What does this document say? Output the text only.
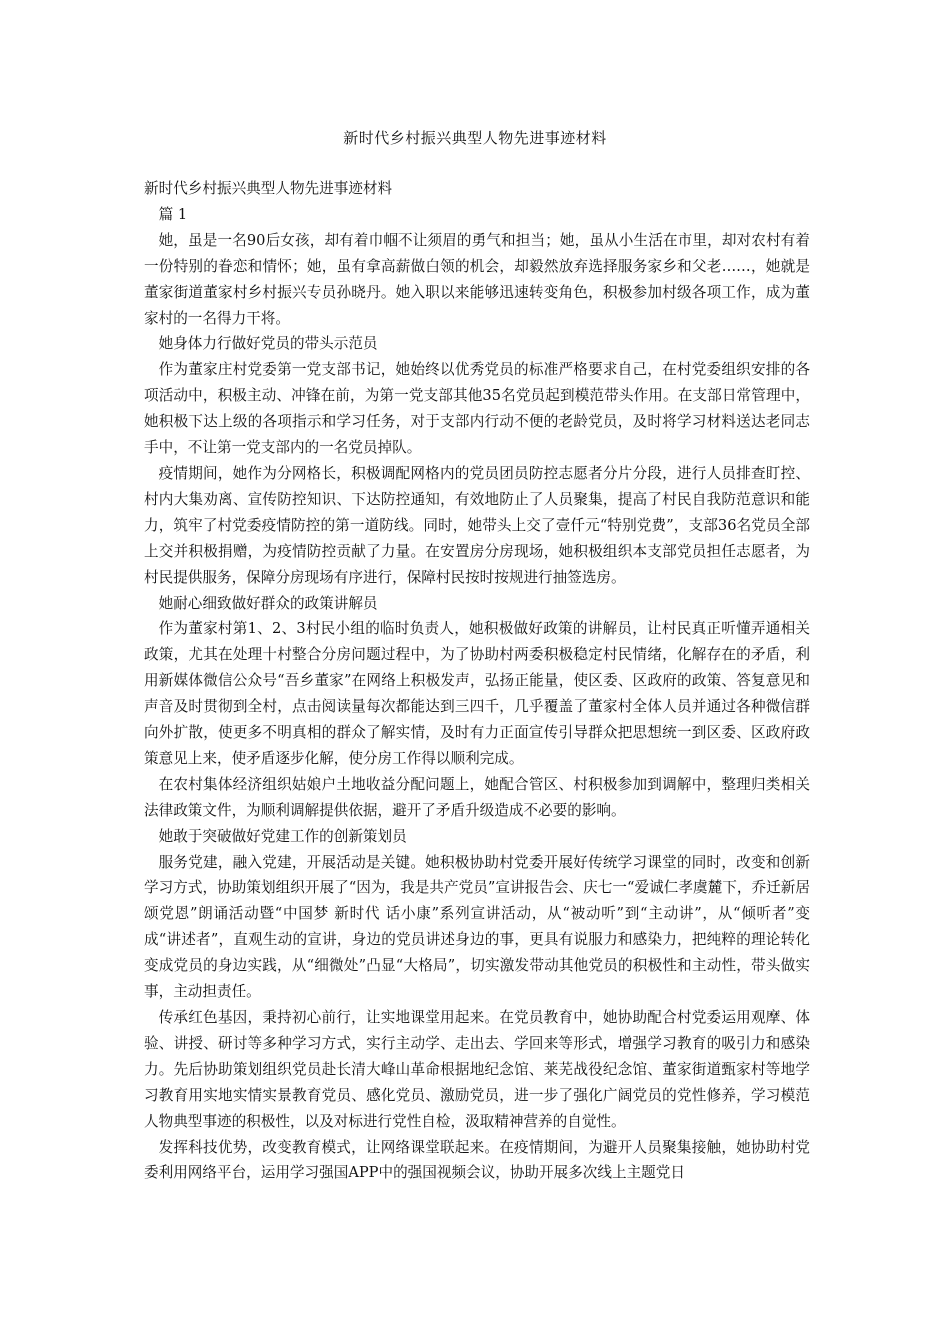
新时代乡村振兴典型人物先进事迹材料

新时代乡村振兴典型人物先进事迹材料

篇 1

她，虽是一名90后女孩，却有着巾帼不让须眉的勇气和担当；她，虽从小生活在市里，却对农村有着一份特别的眷恋和情怀；她，虽有拿高薪做白领的机会，却毅然放弃选择服务家乡和父老……，她就是董家街道董家村乡村振兴专员孙晓丹。她入职以来能够迅速转变角色，积极参加村级各项工作，成为董家村的一名得力干将。

她身体力行做好党员的带头示范员

作为董家庄村党委第一党支部书记，她始终以优秀党员的标准严格要求自己，在村党委组织安排的各项活动中，积极主动、冲锋在前，为第一党支部其他35名党员起到模范带头作用。在支部日常管理中，她积极下达上级的各项指示和学习任务，对于支部内行动不便的老龄党员，及时将学习材料送达老同志手中，不让第一党支部内的一名党员掉队。

疫情期间，她作为分网格长，积极调配网格内的党员团员防控志愿者分片分段，进行人员排查盯控、村内大集劝离、宣传防控知识、下达防控通知，有效地防止了人员聚集，提高了村民自我防范意识和能力，筑牢了村党委疫情防控的第一道防线。同时，她带头上交了壹仟元“特别党费”，支部36名党员全部上交并积极捐赠，为疫情防控贡献了力量。在安置房分房现场，她积极组织本支部党员担任志愿者，为村民提供服务，保障分房现场有序进行，保障村民按时按规进行抽签选房。

她耐心细致做好群众的政策讲解员

作为董家村第1、2、3村民小组的临时负责人，她积极做好政策的讲解员，让村民真正听懂弄通相关政策，尤其在处理十村整合分房问题过程中，为了协助村两委积极稳定村民情绪，化解存在的矛盾，利用新媒体微信公众号“吾乡董家”在网络上积极发声，弘扬正能量，使区委、区政府的政策、答复意见和声音及时贯彻到全村，点击阅读量每次都能达到三四千，几乎覆盖了董家村全体人员并通过各种微信群向外扩散，使更多不明真相的群众了解实情，及时有力正面宣传引导群众把思想统一到区委、区政府政策意见上来，使矛盾逐步化解，使分房工作得以顺利完成。

在农村集体经济组织姑娘户土地收益分配问题上，她配合管区、村积极参加到调解中，整理归类相关法律政策文件，为顺利调解提供依据，避开了矛盾升级造成不必要的影响。

她敢于突破做好党建工作的创新策划员

服务党建，融入党建，开展活动是关键。她积极协助村党委开展好传统学习课堂的同时，改变和创新学习方式，协助策划组织开展了“因为，我是共产党员”宣讲报告会、庆七一“爱诚仁孝虞麓下，乔迁新居颂党恩”朗诵活动暨“中国梦 新时代 话小康”系列宣讲活动，从“被动听”到“主动讲”，从“倾听者”变成“讲述者”，直观生动的宣讲，身边的党员讲述身边的事，更具有说服力和感染力，把纯粹的理论转化变成党员的身边实践，从“细微处”凸显“大格局”，切实激发带动其他党员的积极性和主动性，带头做实事，主动担责任。

传承红色基因，秉持初心前行，让实地课堂用起来。在党员教育中，她协助配合村党委运用观摩、体验、讲授、研讨等多种学习方式，实行主动学、走出去、学回来等形式，增强学习教育的吸引力和感染力。先后协助策划组织党员赴长清大峰山革命根据地纪念馆、莱芜战役纪念馆、董家街道甄家村等地学习教育用实地实情实景教育党员、感化党员、激励党员，进一步了强化广阔党员的党性修养，学习模范人物典型事迹的积极性，以及对标进行党性自检，汲取精神营养的自觉性。

发挥科技优势，改变教育模式，让网络课堂联起来。在疫情期间，为避开人员聚集接触，她协助村党委利用网络平台，运用学习强国APP中的强国视频会议，协助开展多次线上主题党日
